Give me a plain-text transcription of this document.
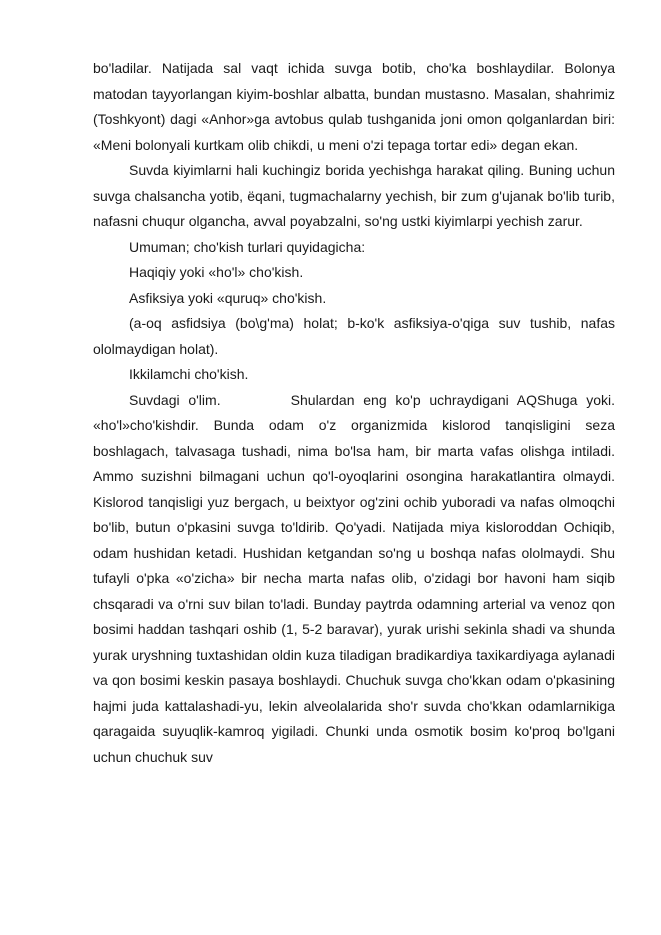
bo'ladilar. Natijada sal vaqt ichida suvga botib, cho'ka boshlaydilar. Bolonya matodan tayyorlangan kiyim-boshlar albatta, bundan mustasno. Masalan, shahrimiz (Toshkyont) dagi «Anhor»ga avtobus qulab tushganida joni omon qolganlardan biri: «Meni bolonyali kurtkam olib chikdi, u meni o'zi tepaga tortar edi» degan ekan.

Suvda kiyimlarni hali kuchingiz borida yechishga harakat qiling. Buning uchun suvga chalsancha yotib, ёqani, tugmachalarny yechish, bir zum g'ujanak bo'lib turib, nafasni chuqur olgancha, avval poyabzalni, so'ng ustki kiyimlarpi yechish zarur.

Umuman; cho'kish turlari quyidagicha:

Haqiqiy yoki «ho'l» cho'kish.

Asfiksiya yoki «quruq» cho'kish.

(a-oq asfidsiya (bo\g'ma) holat; b-ko'k asfiksiya-o'qiga suv tushib, nafas ololmaydigan holat).

Ikkilamchi cho'kish.

Suvdagi o'lim.        Shulardan eng ko'p uchraydigani AQShuga yoki. «ho'l»cho'kishdir. Bunda odam o'z organizmida kislorod tanqisligini seza boshlagach, talvasaga tushadi, nima bo'lsa ham, bir marta vafas olishga intiladi. Ammo suzishni bilmagani uchun qo'l-oyoqlarini osongina harakatlantira olmaydi. Kislorod tanqisligi yuz bergach, u beixtyor og'zini ochib yuboradi va nafas olmoqchi bo'lib, butun o'pkasini suvga to'ldirib. Qo'yadi. Natijada miya kisloroddan Ochiqib, odam hushidan ketadi. Hushidan ketgandan so'ng u boshqa nafas ololmaydi. Shu tufayli o'pka «o'zicha» bir necha marta nafas olib, o'zidagi bor havoni ham siqib chsqaradi va o'rni suv bilan to'ladi. Bunday paytrda odamning arterial va venoz qon bosimi haddan tashqari oshib (1, 5-2 baravar), yurak urishi sekinla shadi va shunda yurak uryshning tuxtashidan oldin kuza tiladigan bradikardiya taxikardiyaga aylanadi va qon bosimi keskin pasaya boshlaydi. Chuchuk suvga cho'kkan odam o'pkasining hajmi juda kattalashadi-yu, lekin alveolalarida sho'r suvda cho'kkan odamlarnikiga qaragaida suyuqlik-kamroq yigiladi. Chunki unda osmotik bosim ko'proq bo'lgani uchun chuchuk suv
